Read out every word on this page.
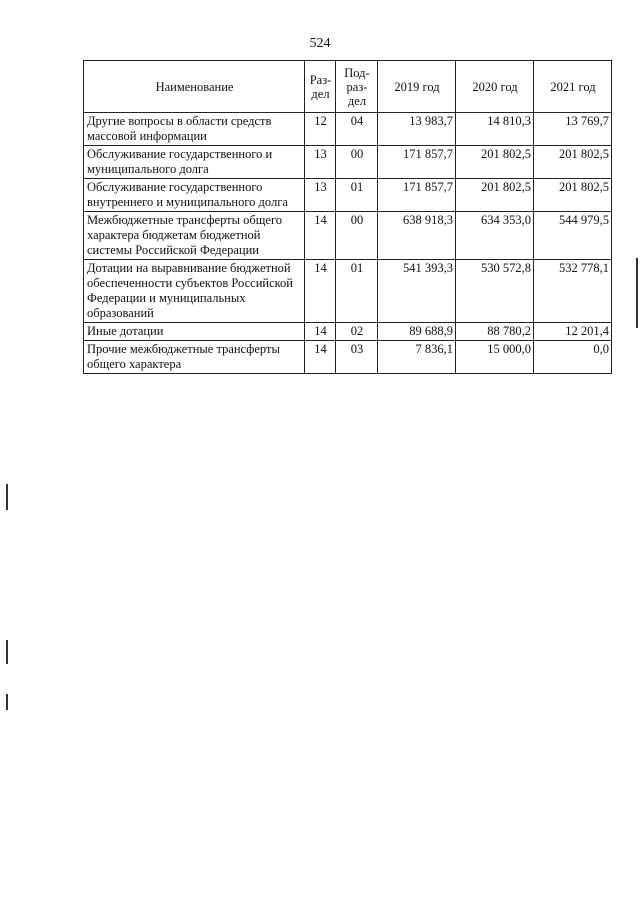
524
Наименование	Раз-дел	Под-раз-дел	2019 год	2020 год	2021 год
Другие вопросы в области средств массовой информации	12	04	13 983,7	14 810,3	13 769,7
Обслуживание государственного и муниципального долга	13	00	171 857,7	201 802,5	201 802,5
Обслуживание государственного внутреннего и муниципального долга	13	01	171 857,7	201 802,5	201 802,5
Межбюджетные трансферты общего характера бюджетам бюджетной системы Российской Федерации	14	00	638 918,3	634 353,0	544 979,5
Дотации на выравнивание бюджетной обеспеченности субъектов Российской Федерации и муниципальных образований	14	01	541 393,3	530 572,8	532 778,1
Иные дотации	14	02	89 688,9	88 780,2	12 201,4
Прочие межбюджетные трансферты общего характера	14	03	7 836,1	15 000,0	0,0
